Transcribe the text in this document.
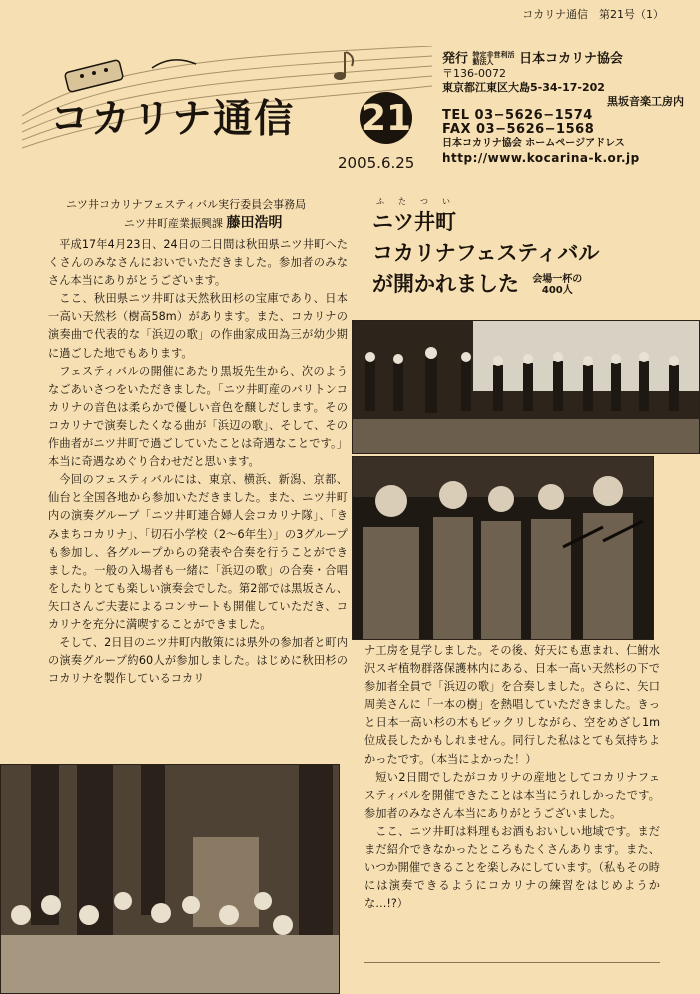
コカリナ通信　第21号（1）
コカリナ通信 21
2005.6.25
発行 特定非営利活動法人 日本コカリナ協会
〒136-0072
東京都江東区大島5-34-17-202
黒坂音楽工房内
TEL 03−5626−1574
FAX 03−5626−1568
日本コカリナ協会 ホームページアドレス
http://www.kocarina-k.or.jp
ニツ井コカリナフェスティバル実行委員会事務局
ニツ井町産業振興課 藤田浩明
ふたつい
ニツ井町
コカリナフェスティバル
が開かれました 会場一杯の
400人

平成17年4月23日、24日の二日間は秋田県ニツ井町へたくさんのみなさんにおいでいただきました。参加者のみなさん本当にありがとうございます。

ここ、秋田県ニツ井町は天然秋田杉の宝庫であり、日本一高い天然杉（樹高58m）があります。また、コカリナの演奏曲で代表的な「浜辺の歌」の作曲家成田為三が幼少期に過ごした地でもあります。

フェスティバルの開催にあたり黒坂先生から、次のようなごあいさつをいただきました。「ニツ井町産のバリトンコカリナの音色は柔らかで優しい音色を醸しだします。そのコカリナで演奏したくなる曲が「浜辺の歌」、そして、その作曲者がニツ井町で過ごしていたことは奇遇なことです。」本当に奇遇なめぐり合わせだと思います。

今回のフェスティバルには、東京、横浜、新潟、京都、仙台と全国各地から参加いただきました。また、ニツ井町内の演奏グループ「ニツ井町連合婦人会コカリナ隊」、「きみまちコカリナ」、「切石小学校（2〜6年生）」の3グループも参加し、各グループからの発表や合奏を行うことができました。一般の入場者も一緒に「浜辺の歌」の合奏・合唱をしたりとても楽しい演奏会でした。第2部では黒坂さん、矢口さんご夫妻によるコンサートも開催していただき、コカリナを充分に満喫することができました。

そして、2日目のニツ井町内散策には県外の参加者と町内の演奏グループ約60人が参加しました。はじめに秋田杉のコカリナを製作しているコカリ

ナ工房を見学しました。その後、好天にも恵まれ、仁鮒水沢スギ植物群落保護林内にある、日本一高い天然杉の下で参加者全員で「浜辺の歌」を合奏しました。さらに、矢口周美さんに「一本の樹」を熱唱していただきました。きっと日本一高い杉の木もビックリしながら、空をめざし1m位成長したかもしれません。同行した私はとても気持ちよかったです。（本当によかった！）

短い2日間でしたがコカリナの産地としてコカリナフェスティバルを開催できたことは本当にうれしかったです。参加者のみなさん本当にありがとうございました。

ここ、ニツ井町は料理もお酒もおいしい地域です。まだまだ紹介できなかったところもたくさんあります。また、いつか開催できることを楽しみにしています。（私もその時には演奏できるようにコカリナの練習をはじめようかな…!?）
